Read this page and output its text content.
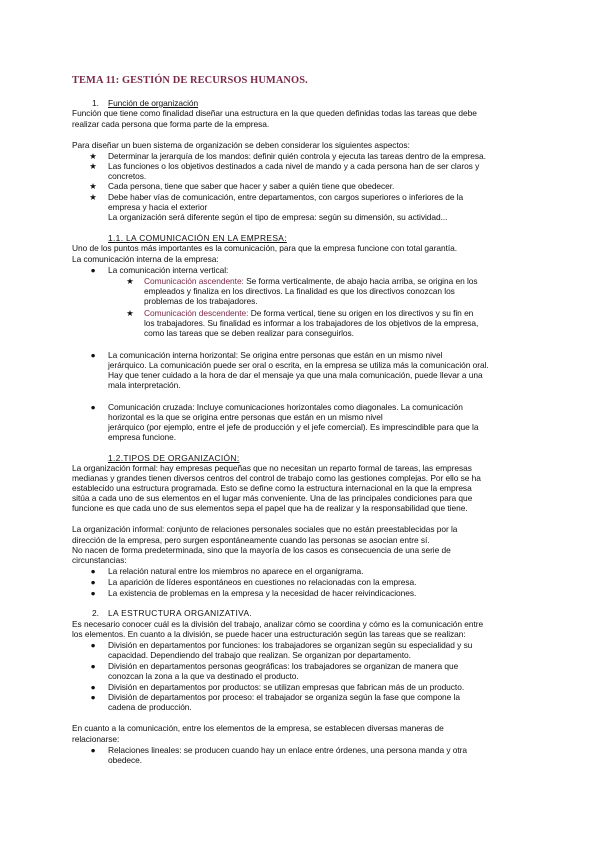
TEMA 11: GESTIÓN DE RECURSOS HUMANOS.
1. Función de organización
Función que tiene como finalidad diseñar una estructura en la que queden definidas todas las tareas que debe
realizar cada persona que forma parte de la empresa.
Para diseñar un buen sistema de organización se deben considerar los siguientes aspectos:
★ Determinar la jerarquía de los mandos: definir quién controla y ejecuta las tareas dentro de la empresa.
★ Las funciones o los objetivos destinados a cada nivel de mando y a cada persona han de ser claros y
concretos.
★ Cada persona, tiene que saber que hacer y saber a quién tiene que obedecer.
★ Debe haber vías de comunicación, entre departamentos, con cargos superiores o inferiores de la
empresa y hacia el exterior
La organización será diferente según el tipo de empresa: según su dimensión, su actividad...
1.1. LA COMUNICACIÓN EN LA EMPRESA:
Uno de los puntos más importantes es la comunicación, para que la empresa funcione con total garantía.
La comunicación interna de la empresa:
● La comunicación interna vertical:
★ Comunicación ascendente: Se forma verticalmente, de abajo hacia arriba, se origina en los
empleados y finaliza en los directivos. La finalidad es que los directivos conozcan los
problemas de los trabajadores.
★ Comunicación descendente: De forma vertical, tiene su origen en los directivos y su fin en
los trabajadores. Su finalidad es informar a los trabajadores de los objetivos de la empresa,
como las tareas que se deben realizar para conseguirlos.
● La comunicación interna horizontal: Se origina entre personas que están en un mismo nivel
jerárquico. La comunicación puede ser oral o escrita, en la empresa se utiliza más la comunicación oral.
Hay que tener cuidado a la hora de dar el mensaje ya que una mala comunicación, puede llevar a una
mala interpretación.
● Comunicación cruzada: Incluye comunicaciones horizontales como diagonales. La comunicación
horizontal es la que se origina entre personas que están en un mismo nivel
jerárquico (por ejemplo, entre el jefe de producción y el jefe comercial). Es imprescindible para que la
empresa funcione.
1.2.TIPOS DE ORGANIZACIÓN:
La organización formal: hay empresas pequeñas que no necesitan un reparto formal de tareas, las empresas
medianas y grandes tienen diversos centros del control de trabajo como las gestiones complejas. Por ello se ha
establecido una estructura programada. Esto se define como la estructura internacional en la que la empresa
sitúa a cada uno de sus elementos en el lugar más conveniente. Una de las principales condiciones para que
funcione es que cada uno de sus elementos sepa el papel que ha de realizar y la responsabilidad que tiene.
La organización informal: conjunto de relaciones personales sociales que no están preestablecidas por la
dirección de la empresa, pero surgen espontáneamente cuando las personas se asocian entre sí.
No nacen de forma predeterminada, sino que la mayoría de los casos es consecuencia de una serie de
circunstancias:
● La relación natural entre los miembros no aparece en el organigrama.
● La aparición de líderes espontáneos en cuestiones no relacionadas con la empresa.
● La existencia de problemas en la empresa y la necesidad de hacer reivindicaciones.
2. LA ESTRUCTURA ORGANIZATIVA.
Es necesario conocer cuál es la división del trabajo, analizar cómo se coordina y cómo es la comunicación entre
los elementos. En cuanto a la división, se puede hacer una estructuración según las tareas que se realizan:
● División en departamentos por funciones: los trabajadores se organizan según su especialidad y su
capacidad. Dependiendo del trabajo que realizan. Se organizan por departamento.
● División en departamentos personas geográficas: los trabajadores se organizan de manera que
conozcan la zona a la que va destinado el producto.
● División en departamentos por productos: se utilizan empresas que fabrican más de un producto.
● División de departamentos por proceso: el trabajador se organiza según la fase que compone la
cadena de producción.
En cuanto a la comunicación, entre los elementos de la empresa, se establecen diversas maneras de
relacionarse:
● Relaciones lineales: se producen cuando hay un enlace entre órdenes, una persona manda y otra
obedece.
